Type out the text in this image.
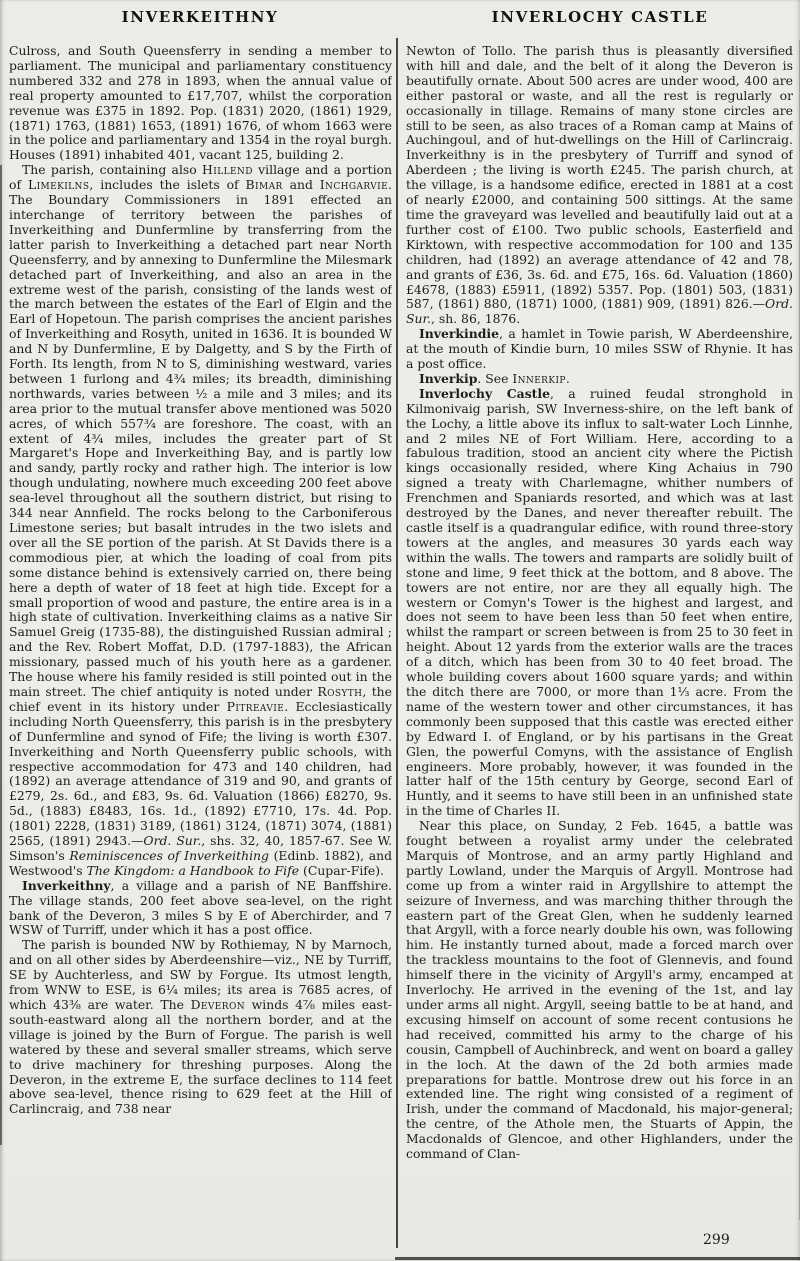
INVERKEITHNY	INVERLOCHY CASTLE

Culross, and South Queensferry in sending a member to parliament. The municipal and parliamentary constituency numbered 332 and 278 in 1893, when the annual value of real property amounted to £17,707, whilst the corporation revenue was £375 in 1892. Pop. (1831) 2020, (1861) 1929, (1871) 1763, (1881) 1653, (1891) 1676, of whom 1663 were in the police and parliamentary and 1354 in the royal burgh. Houses (1891) inhabited 401, vacant 125, building 2.

The parish, containing also Hillend village and a portion of Limekilns, includes the islets of Bimar and Inchgarvie. The Boundary Commissioners in 1891 effected an interchange of territory between the parishes of Inverkeithing and Dunfermline by transferring from the latter parish to Inverkeithing a detached part near North Queensferry, and by annexing to Dunfermline the Milesmark detached part of Inverkeithing, and also an area in the extreme west of the parish, consisting of the lands west of the march between the estates of the Earl of Elgin and the Earl of Hopetoun. The parish comprises the ancient parishes of Inverkeithing and Rosyth, united in 1636. It is bounded W and N by Dunfermline, E by Dalgetty, and S by the Firth of Forth. Its length, from N to S, diminishing westward, varies between 1 furlong and 4¾ miles; its breadth, diminishing northwards, varies between ½ a mile and 3 miles; and its area prior to the mutual transfer above mentioned was 5020 acres, of which 557¾ are foreshore. The coast, with an extent of 4¾ miles, includes the greater part of St Margaret's Hope and Inverkeithing Bay, and is partly low and sandy, partly rocky and rather high. The interior is low though undulating, nowhere much exceeding 200 feet above sea-level throughout all the southern district, but rising to 344 near Annfield. The rocks belong to the Carboniferous Limestone series; but basalt intrudes in the two islets and over all the SE portion of the parish. At St Davids there is a commodious pier, at which the loading of coal from pits some distance behind is extensively carried on, there being here a depth of water of 18 feet at high tide. Except for a small proportion of wood and pasture, the entire area is in a high state of cultivation. Inverkeithing claims as a native Sir Samuel Greig (1735-88), the distinguished Russian admiral ; and the Rev. Robert Moffat, D.D. (1797-1883), the African missionary, passed much of his youth here as a gardener. The house where his family resided is still pointed out in the main street. The chief antiquity is noted under Rosyth, the chief event in its history under Pitreavie. Ecclesiastically including North Queensferry, this parish is in the presbytery of Dunfermline and synod of Fife; the living is worth £307. Inverkeithing and North Queensferry public schools, with respective accommodation for 473 and 140 children, had (1892) an average attendance of 319 and 90, and grants of £279, 2s. 6d., and £83, 9s. 6d. Valuation (1866) £8270, 9s. 5d., (1883) £8483, 16s. 1d., (1892) £7710, 17s. 4d. Pop. (1801) 2228, (1831) 3189, (1861) 3124, (1871) 3074, (1881) 2565, (1891) 2943.—Ord. Sur., shs. 32, 40, 1857-67. See W. Simson's Reminiscences of Inverkeithing (Edinb. 1882), and Westwood's The Kingdom: a Handbook to Fife (Cupar-Fife).

Inverkeithny, a village and a parish of NE Banffshire. The village stands, 200 feet above sea-level, on the right bank of the Deveron, 3 miles S by E of Aberchirder, and 7 WSW of Turriff, under which it has a post office.

The parish is bounded NW by Rothiemay, N by Marnoch, and on all other sides by Aberdeenshire—viz., NE by Turriff, SE by Auchterless, and SW by Forgue. Its utmost length, from WNW to ESE, is 6¼ miles; its area is 7685 acres, of which 43⅜ are water. The Deveron winds 4⅞ miles east-south-eastward along all the northern border, and at the village is joined by the Burn of Forgue. The parish is well watered by these and several smaller streams, which serve to drive machinery for threshing purposes. Along the Deveron, in the extreme E, the surface declines to 114 feet above sea-level, thence rising to 629 feet at the Hill of Carlincraig, and 738 near

Newton of Tollo. The parish thus is pleasantly diversified with hill and dale, and the belt of it along the Deveron is beautifully ornate. About 500 acres are under wood, 400 are either pastoral or waste, and all the rest is regularly or occasionally in tillage. Remains of many stone circles are still to be seen, as also traces of a Roman camp at Mains of Auchingoul, and of hut-dwellings on the Hill of Carlincraig. Inverkeithny is in the presbytery of Turriff and synod of Aberdeen ; the living is worth £245. The parish church, at the village, is a handsome edifice, erected in 1881 at a cost of nearly £2000, and containing 500 sittings. At the same time the graveyard was levelled and beautifully laid out at a further cost of £100. Two public schools, Easterfield and Kirktown, with respective accommodation for 100 and 135 children, had (1892) an average attendance of 42 and 78, and grants of £36, 3s. 6d. and £75, 16s. 6d. Valuation (1860) £4678, (1883) £5911, (1892) 5357. Pop. (1801) 503, (1831) 587, (1861) 880, (1871) 1000, (1881) 909, (1891) 826.—Ord. Sur., sh. 86, 1876.

Inverkindie, a hamlet in Towie parish, W Aberdeenshire, at the mouth of Kindie burn, 10 miles SSW of Rhynie. It has a post office.

Inverkip. See Innerkip.

Inverlochy Castle, a ruined feudal stronghold in Kilmonivaig parish, SW Inverness-shire, on the left bank of the Lochy, a little above its influx to salt-water Loch Linnhe, and 2 miles NE of Fort William. Here, according to a fabulous tradition, stood an ancient city where the Pictish kings occasionally resided, where King Achaius in 790 signed a treaty with Charlemagne, whither numbers of Frenchmen and Spaniards resorted, and which was at last destroyed by the Danes, and never thereafter rebuilt. The castle itself is a quadrangular edifice, with round three-story towers at the angles, and measures 30 yards each way within the walls. The towers and ramparts are solidly built of stone and lime, 9 feet thick at the bottom, and 8 above. The towers are not entire, nor are they all equally high. The western or Comyn's Tower is the highest and largest, and does not seem to have been less than 50 feet when entire, whilst the rampart or screen between is from 25 to 30 feet in height. About 12 yards from the exterior walls are the traces of a ditch, which has been from 30 to 40 feet broad. The whole building covers about 1600 square yards; and within the ditch there are 7000, or more than 1⅓ acre. From the name of the western tower and other circumstances, it has commonly been supposed that this castle was erected either by Edward I. of England, or by his partisans in the Great Glen, the powerful Comyns, with the assistance of English engineers. More probably, however, it was founded in the latter half of the 15th century by George, second Earl of Huntly, and it seems to have still been in an unfinished state in the time of Charles II.

Near this place, on Sunday, 2 Feb. 1645, a battle was fought between a royalist army under the celebrated Marquis of Montrose, and an army partly Highland and partly Lowland, under the Marquis of Argyll. Montrose had come up from a winter raid in Argyllshire to attempt the seizure of Inverness, and was marching thither through the eastern part of the Great Glen, when he suddenly learned that Argyll, with a force nearly double his own, was following him. He instantly turned about, made a forced march over the trackless mountains to the foot of Glennevis, and found himself there in the vicinity of Argyll's army, encamped at Inverlochy. He arrived in the evening of the 1st, and lay under arms all night. Argyll, seeing battle to be at hand, and excusing himself on account of some recent contusions he had received, committed his army to the charge of his cousin, Campbell of Auchinbreck, and went on board a galley in the loch. At the dawn of the 2d both armies made preparations for battle. Montrose drew out his force in an extended line. The right wing consisted of a regiment of Irish, under the command of Macdonald, his major-general; the centre, of the Athole men, the Stuarts of Appin, the Macdonalds of Glencoe, and other Highlanders, under the command of Clan-

299
